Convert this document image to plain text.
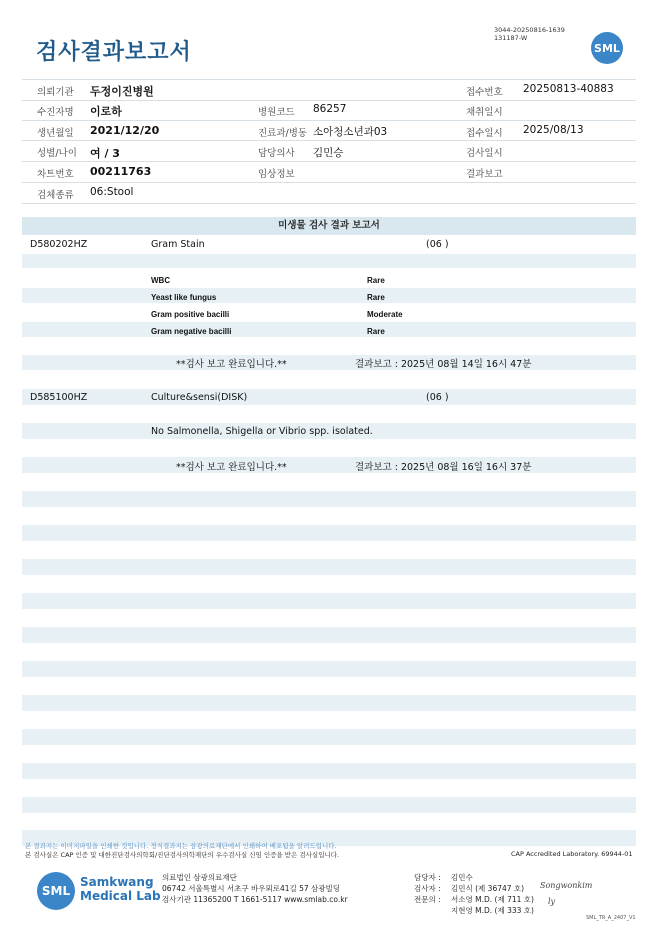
검사결과보고서
3044-20250816-1639
131187-W
SML
의뢰기관 두정이진병원	접수번호 20250813-40883
수진자명 이로하	병원코드 86257	채취일시
생년월일 2021/12/20	진료과/병동 소아청소년과03	접수일시 2025/08/13
성별/나이 여 / 3	담당의사 김민승	검사일시
차트번호 00211763	임상정보	결과보고
검체종류 06:Stool
미생물 검사 결과 보고서
D580202HZ	Gram Stain	(06 )
WBC	Rare
Yeast like fungus	Rare
Gram positive bacilli	Moderate
Gram negative bacilli	Rare
**검사 보고 완료입니다.**	결과보고 : 2025년 08월 14일 16시 47분
D585100HZ	Culture&sensi(DISK)	(06 )
No Salmonella, Shigella or Vibrio spp. isolated.
**검사 보고 완료입니다.**	결과보고 : 2025년 08월 16일 16시 37분
본 결과지는 이미지파일을 인쇄한 것입니다. 정식결과지는 삼광의료재단에서 인쇄하여 배포됨을 알려드립니다.
본 검사실은 CAP 인증 및 대한진단검사의학회/진단검사의학재단의 우수검사실 신임 인증을 받은 검사실입니다.	CAP Accredited Laboratory. 69944-01
SML
Samkwang
Medical Lab
의료법인 삼광의료재단
06742 서울특별시 서초구 바우뫼로41길 57 삼광빌딩
검사기관 11365200 T 1661-5117 www.smlab.co.kr
담당자 : 김민수
검사자 : 김민식 (제 36747 호) Songwonkim
전문의 : 서소영 M.D. (제 711 호)
지현영 M.D. (제 333 호)
ly
SML_TR_A_2407_V1
